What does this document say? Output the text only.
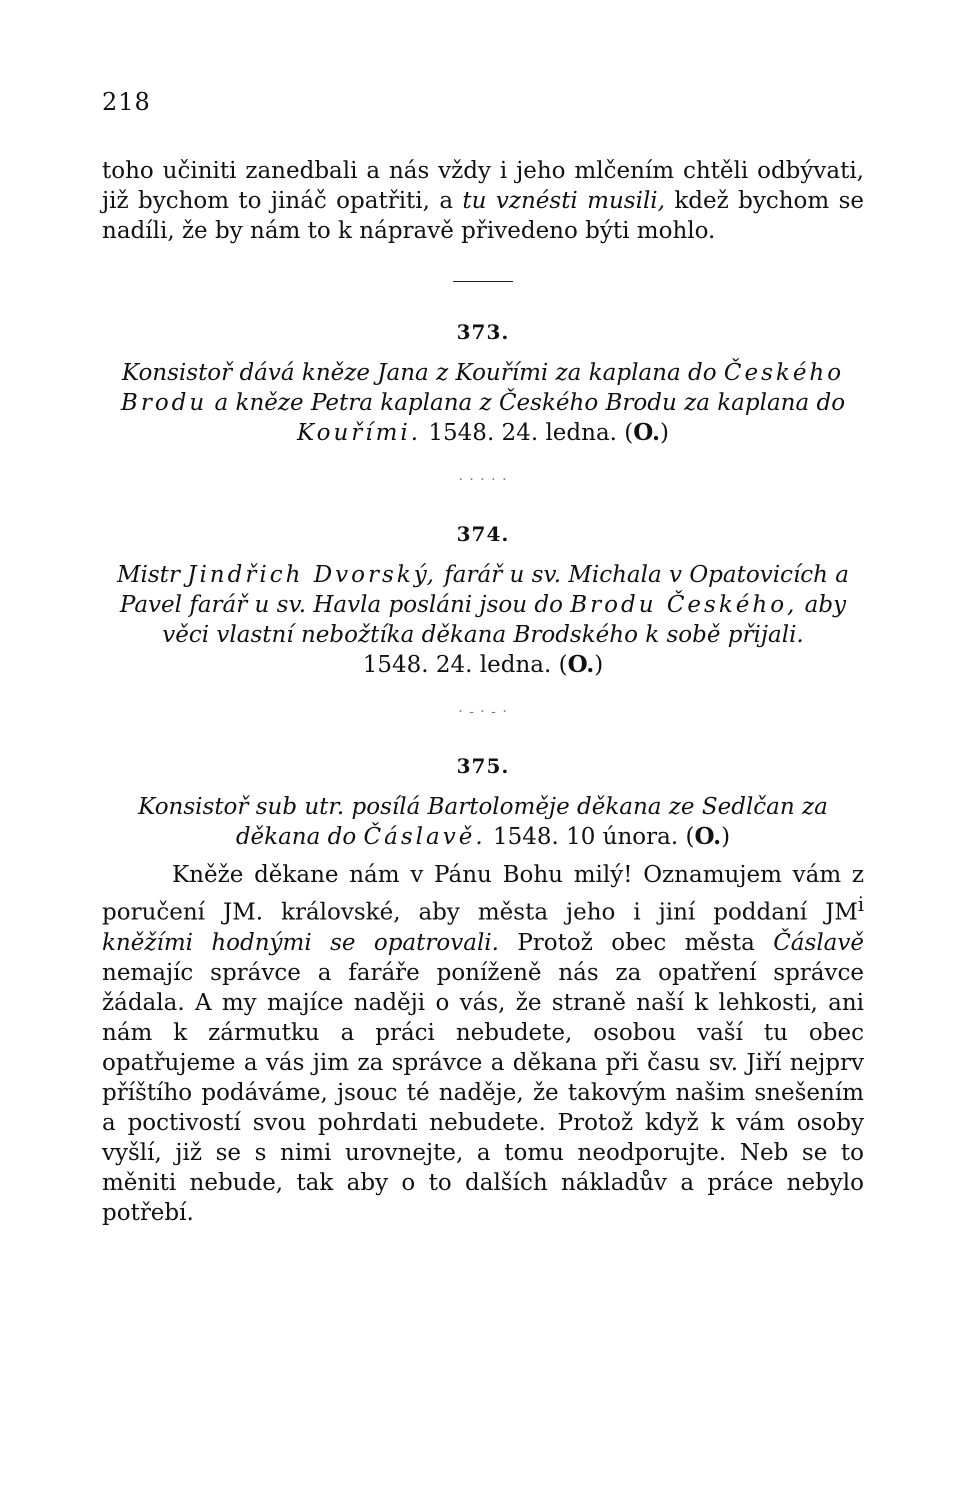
218

toho učiniti zanedbali a nás vždy i jeho mlčením chtěli odbývati, již bychom to jináč opatřiti, a tu vznésti musili, kdež bychom se nadíli, že by nám to k nápravě přivedeno býti mohlo.

373.

Konsistoř dává kněze Jana z Kouřími za kaplana do Českého Brodu a kněze Petra kaplana z Českého Brodu za kaplana do Kouřími. 1548. 24. ledna. (O.)

· · · · ·
374.

Mistr Jindřich Dvorský, farář u sv. Michala v Opatovicích a Pavel farář u sv. Havla posláni jsou do Brodu Českého, aby věci vlastní nebožtíka děkana Brodského k sobě přijali.
1548. 24. ledna. (O.)

· - · - ·
375.

Konsistoř sub utr. posílá Bartoloměje děkana ze Sedlčan za děkana do Čáslavě. 1548. 10 února. (O.)

Kněže děkane nám v Pánu Bohu milý! Oznamujem vám z poručení JM. královské, aby města jeho i jiní poddaní $JM^i$ kněžími hodnými se opatrovali. Protož obec města Čáslavě nemajíc správce a faráře poníženě nás za opatření správce žádala. A my majíce naději o vás, že straně naší k lehkosti, ani nám k zármutku a práci nebudete, osobou vaší tu obec opatřujeme a vás jim za správce a děkana při času sv. Jiří nejprv příštího podáváme, jsouc té naděje, že takovým našim snešením a poctivostí svou pohrdati nebudete. Protož když k vám osoby vyšlí, již se s nimi urovnejte, a tomu neodporujte. Neb se to měniti nebude, tak aby o to dalších nákladův a práce nebylo potřebí.
